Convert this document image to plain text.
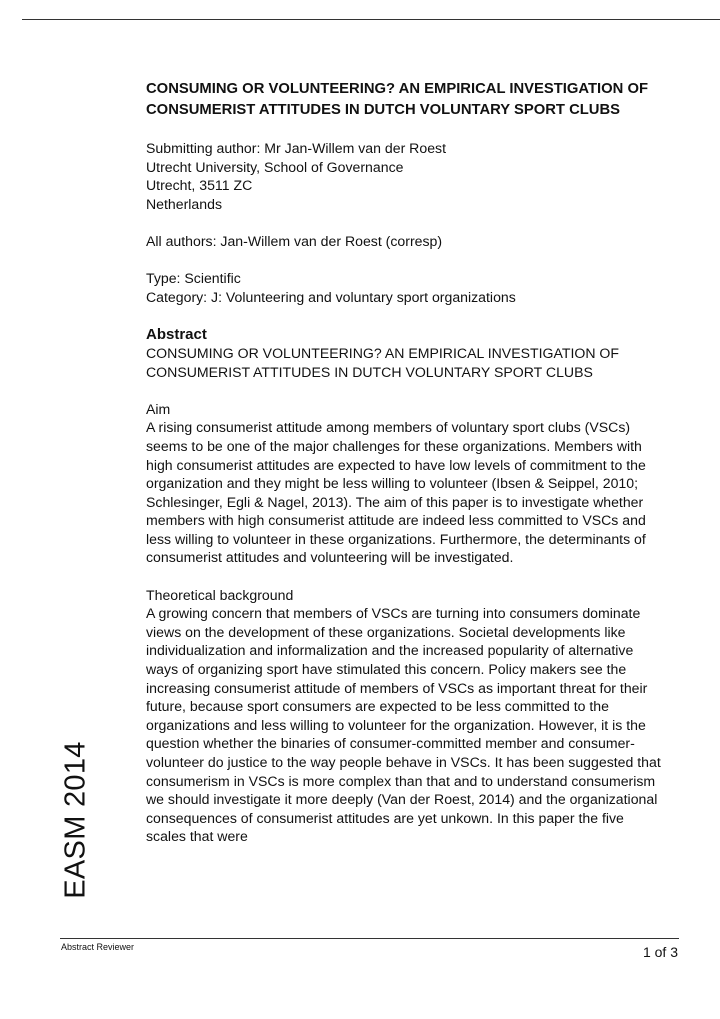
CONSUMING OR VOLUNTEERING? AN EMPIRICAL INVESTIGATION OF CONSUMERIST ATTITUDES IN DUTCH VOLUNTARY SPORT CLUBS

Submitting author: Mr Jan-Willem van der Roest

Utrecht University, School of Governance

Utrecht, 3511 ZC

Netherlands

All authors: Jan-Willem van der Roest (corresp)

Type: Scientific

Category: J: Volunteering and voluntary sport organizations

Abstract

CONSUMING OR VOLUNTEERING? AN EMPIRICAL INVESTIGATION OF CONSUMERIST ATTITUDES IN DUTCH VOLUNTARY SPORT CLUBS

Aim

A rising consumerist attitude among members of voluntary sport clubs (VSCs) seems to be one of the major challenges for these organizations. Members with high consumerist attitudes are expected to have low levels of commitment to the organization and they might be less willing to volunteer (Ibsen & Seippel, 2010; Schlesinger, Egli & Nagel, 2013). The aim of this paper is to investigate whether members with high consumerist attitude are indeed less committed to VSCs and less willing to volunteer in these organizations. Furthermore, the determinants of consumerist attitudes and volunteering will be investigated.

Theoretical background

A growing concern that members of VSCs are turning into consumers dominate views on the development of these organizations. Societal developments like individualization and informalization and the increased popularity of alternative ways of organizing sport have stimulated this concern. Policy makers see the increasing consumerist attitude of members of VSCs as important threat for their future, because sport consumers are expected to be less committed to the organizations and less willing to volunteer for the organization. However, it is the question whether the binaries of consumer-committed member and consumer-volunteer do justice to the way people behave in VSCs. It has been suggested that consumerism in VSCs is more complex than that and to understand consumerism we should investigate it more deeply (Van der Roest, 2014) and the organizational consequences of consumerist attitudes are yet unkown. In this paper the five scales that were

EASM 2014
Abstract Reviewer	1 of 3
